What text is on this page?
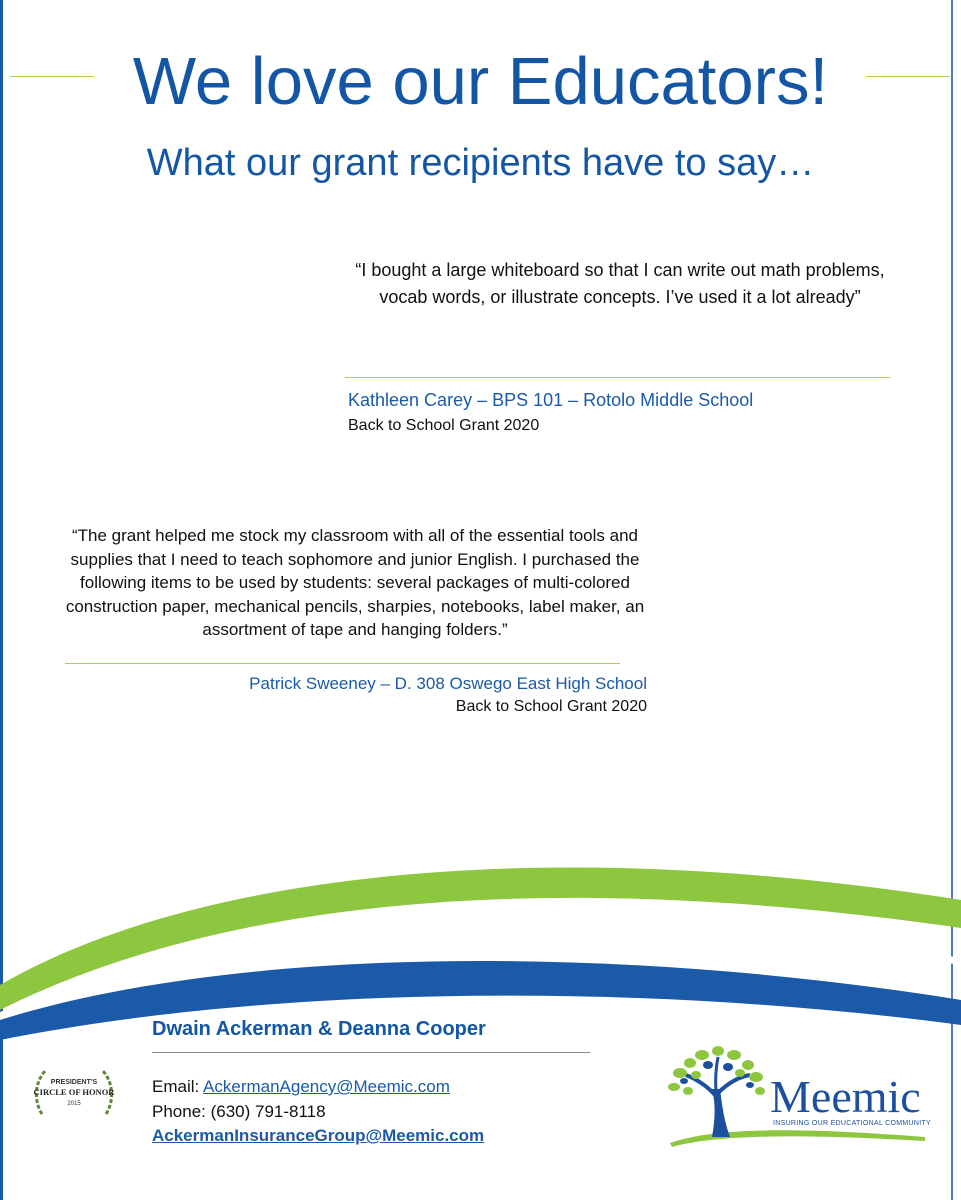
We love our Educators!
What our grant recipients have to say…
“I bought a large whiteboard so that I can write out math problems, vocab words, or illustrate concepts. I’ve used it a lot already”
Kathleen Carey – BPS 101 – Rotolo Middle School
Back to School Grant 2020
“The grant helped me stock my classroom with all of the essential tools and supplies that I need to teach sophomore and junior English. I purchased the following items to be used by students: several packages of multi-colored construction paper, mechanical pencils, sharpies, notebooks, label maker, an assortment of tape and hanging folders.”
Patrick Sweeney – D. 308 Oswego East High School
Back to School Grant 2020
Dwain Ackerman & Deanna Cooper
Email: AckermanAgency@Meemic.com
Phone: (630) 791-8118
AckermanInsuranceGroup@Meemic.com
PRESIDENT'S
CIRCLE OF HONOR
2015	Meemic
INSURING OUR EDUCATIONAL COMMUNITY
